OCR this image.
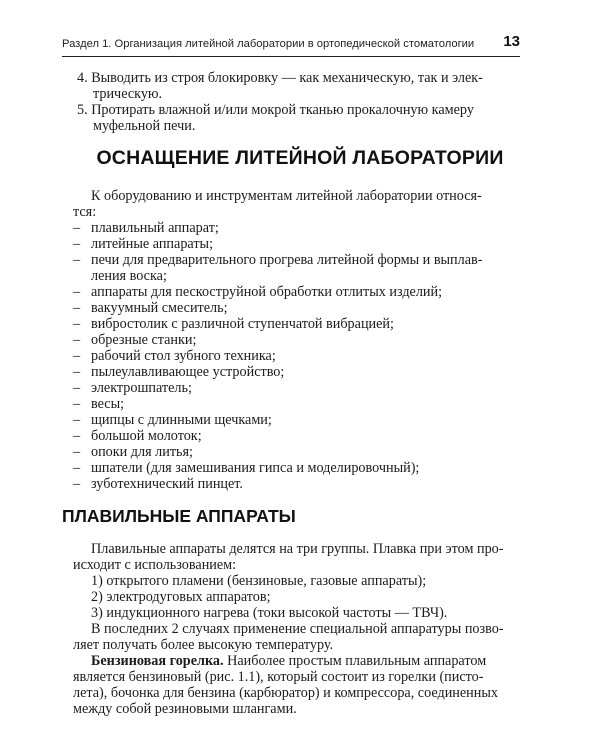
Раздел 1. Организация литейной лаборатории в ортопедической стоматологии 13
4. Выводить из строя блокировку — как механическую, так и элек-
трическую.
5. Протирать влажной и/или мокрой тканью прокалочную камеру
муфельной печи.
ОСНАЩЕНИЕ ЛИТЕЙНОЙ ЛАБОРАТОРИИ
К оборудованию и инструментам литейной лаборатории относя-
тся:
– плавильный аппарат;
– литейные аппараты;
– печи для предварительного прогрева литейной формы и выплав-
ления воска;
– аппараты для пескоструйной обработки отлитых изделий;
– вакуумный смеситель;
– вибростолик с различной ступенчатой вибрацией;
– обрезные станки;
– рабочий стол зубного техника;
– пылеулавливающее устройство;
– электрошпатель;
– весы;
– щипцы с длинными щечками;
– большой молоток;
– опоки для литья;
– шпатели (для замешивания гипса и моделировочный);
– зуботехнический пинцет.
ПЛАВИЛЬНЫЕ АППАРАТЫ
Плавильные аппараты делятся на три группы. Плавка при этом про-
исходит с использованием:
1) открытого пламени (бензиновые, газовые аппараты);
2) электродуговых аппаратов;
3) индукционного нагрева (токи высокой частоты — ТВЧ).
В последних 2 случаях применение специальной аппаратуры позво-
ляет получать более высокую температуру.
Бензиновая горелка. Наиболее простым плавильным аппаратом
является бензиновый (рис. 1.1), который состоит из горелки (писто-
лета), бочонка для бензина (карбюратор) и компрессора, соединенных
между собой резиновыми шлангами.
